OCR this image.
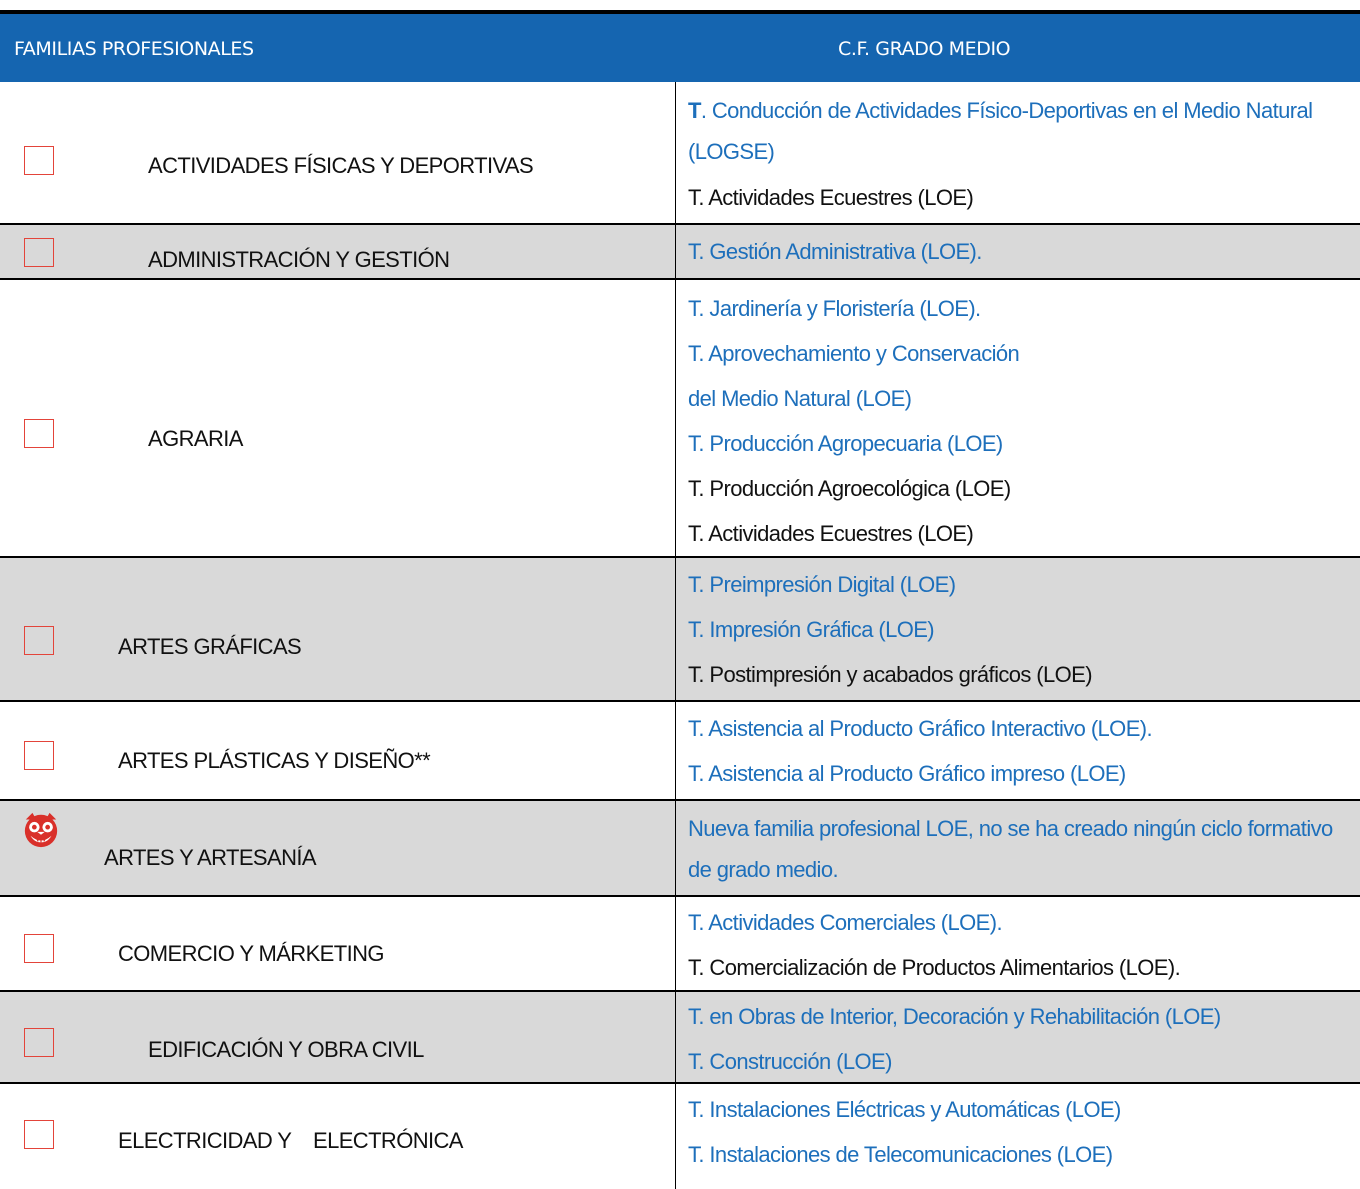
FAMILIAS PROFESIONALES	C.F. GRADO MEDIO
ACTIVIDADES FÍSICAS Y DEPORTIVAS
T. Conducción de Actividades Físico-Deportivas en el Medio Natural (LOGSE)
T. Actividades Ecuestres (LOE)
ADMINISTRACIÓN Y GESTIÓN	T. Gestión Administrativa (LOE).
AGRARIA
T. Jardinería y Floristería (LOE).
T. Aprovechamiento y Conservación
del Medio Natural (LOE)
T. Producción Agropecuaria (LOE)
T. Producción Agroecológica (LOE)
T. Actividades Ecuestres (LOE)
ARTES GRÁFICAS
T. Preimpresión Digital (LOE)
T. Impresión Gráfica (LOE)
T. Postimpresión y acabados gráficos (LOE)
ARTES PLÁSTICAS Y DISEÑO**
T. Asistencia al Producto Gráfico Interactivo (LOE).
T. Asistencia al Producto Gráfico impreso (LOE)
ARTES Y ARTESANÍA
Nueva familia profesional LOE, no se ha creado ningún ciclo formativo de grado medio.
COMERCIO Y MÁRKETING
T. Actividades Comerciales (LOE).
T. Comercialización de Productos Alimentarios (LOE).
EDIFICACIÓN Y OBRA CIVIL
T. en Obras de Interior, Decoración y Rehabilitación (LOE)
T. Construcción (LOE)
ELECTRICIDAD Y    ELECTRÓNICA
T. Instalaciones Eléctricas y Automáticas (LOE)
T. Instalaciones de Telecomunicaciones (LOE)
